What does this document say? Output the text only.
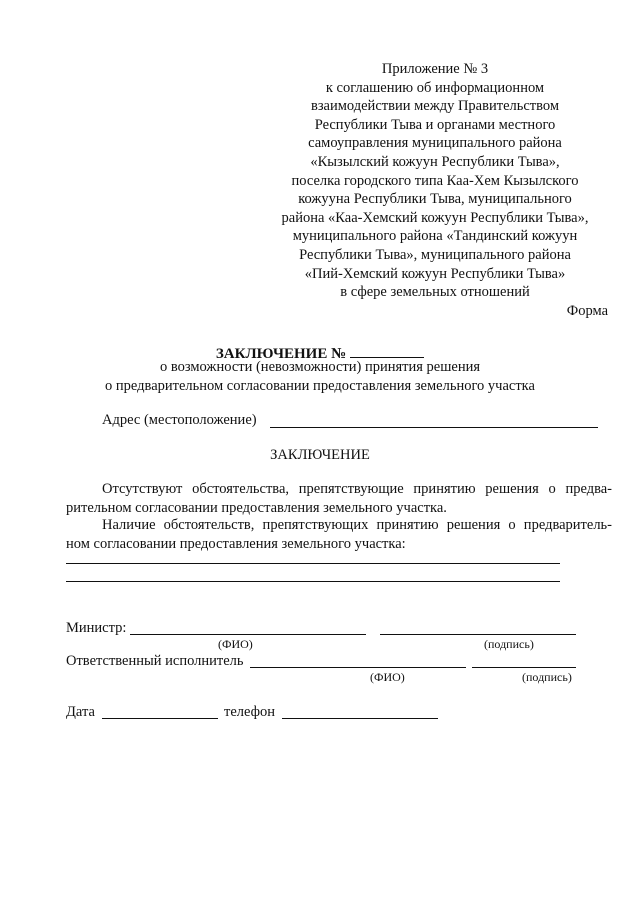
Приложение № 3
к соглашению об информационном
взаимодействии между Правительством
Республики Тыва и органами местного
самоуправления муниципального района
«Кызылский кожуун Республики Тыва»,
поселка городского типа Каа-Хем Кызылского
кожууна Республики Тыва, муниципального
района «Каа-Хемский кожуун Республики Тыва»,
муниципального района «Тандинский кожуун
Республики Тыва», муниципального района
«Пий-Хемский кожуун Республики Тыва»
в сфере земельных отношений
Форма
ЗАКЛЮЧЕНИЕ №
о возможности (невозможности) принятия решения
о предварительном согласовании предоставления земельного участка
Адрес (местоположение)
ЗАКЛЮЧЕНИЕ
Отсутствуют обстоятельства, препятствующие принятию решения о предва-
рительном согласовании предоставления земельного участка.
Наличие обстоятельств, препятствующих принятию решения о предваритель-
ном согласовании предоставления земельного участка:
Министр:
(ФИО)	(подпись)
Ответственный исполнитель
(ФИО)	(подпись)
Дата	телефон
